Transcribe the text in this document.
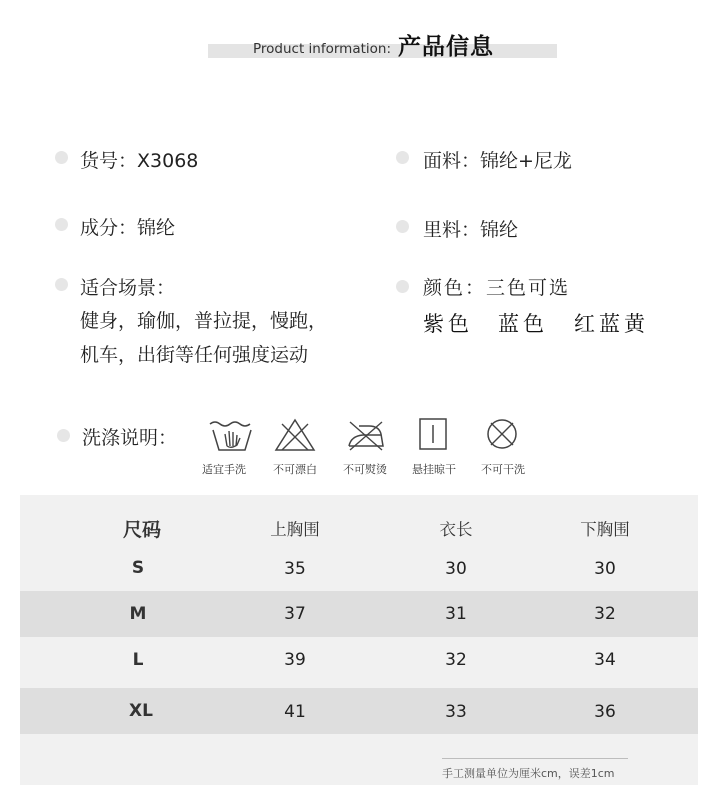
Product information: 产品信息
货号：X3068
成分：锦纶
适合场景：
健身，瑜伽，普拉提，慢跑，
机车，出街等任何强度运动
面料：锦纶+尼龙
里料：锦纶
颜色：三色可选
紫色 蓝色 红蓝黄
洗涤说明：
适宜手洗	不可漂白	不可熨烫	悬挂晾干	不可干洗
尺码	上胸围	衣长	下胸围
S	35	30	30
M	37	31	32
L	39	32	34
XL	41	33	36
手工测量单位为厘米cm，误差1cm
